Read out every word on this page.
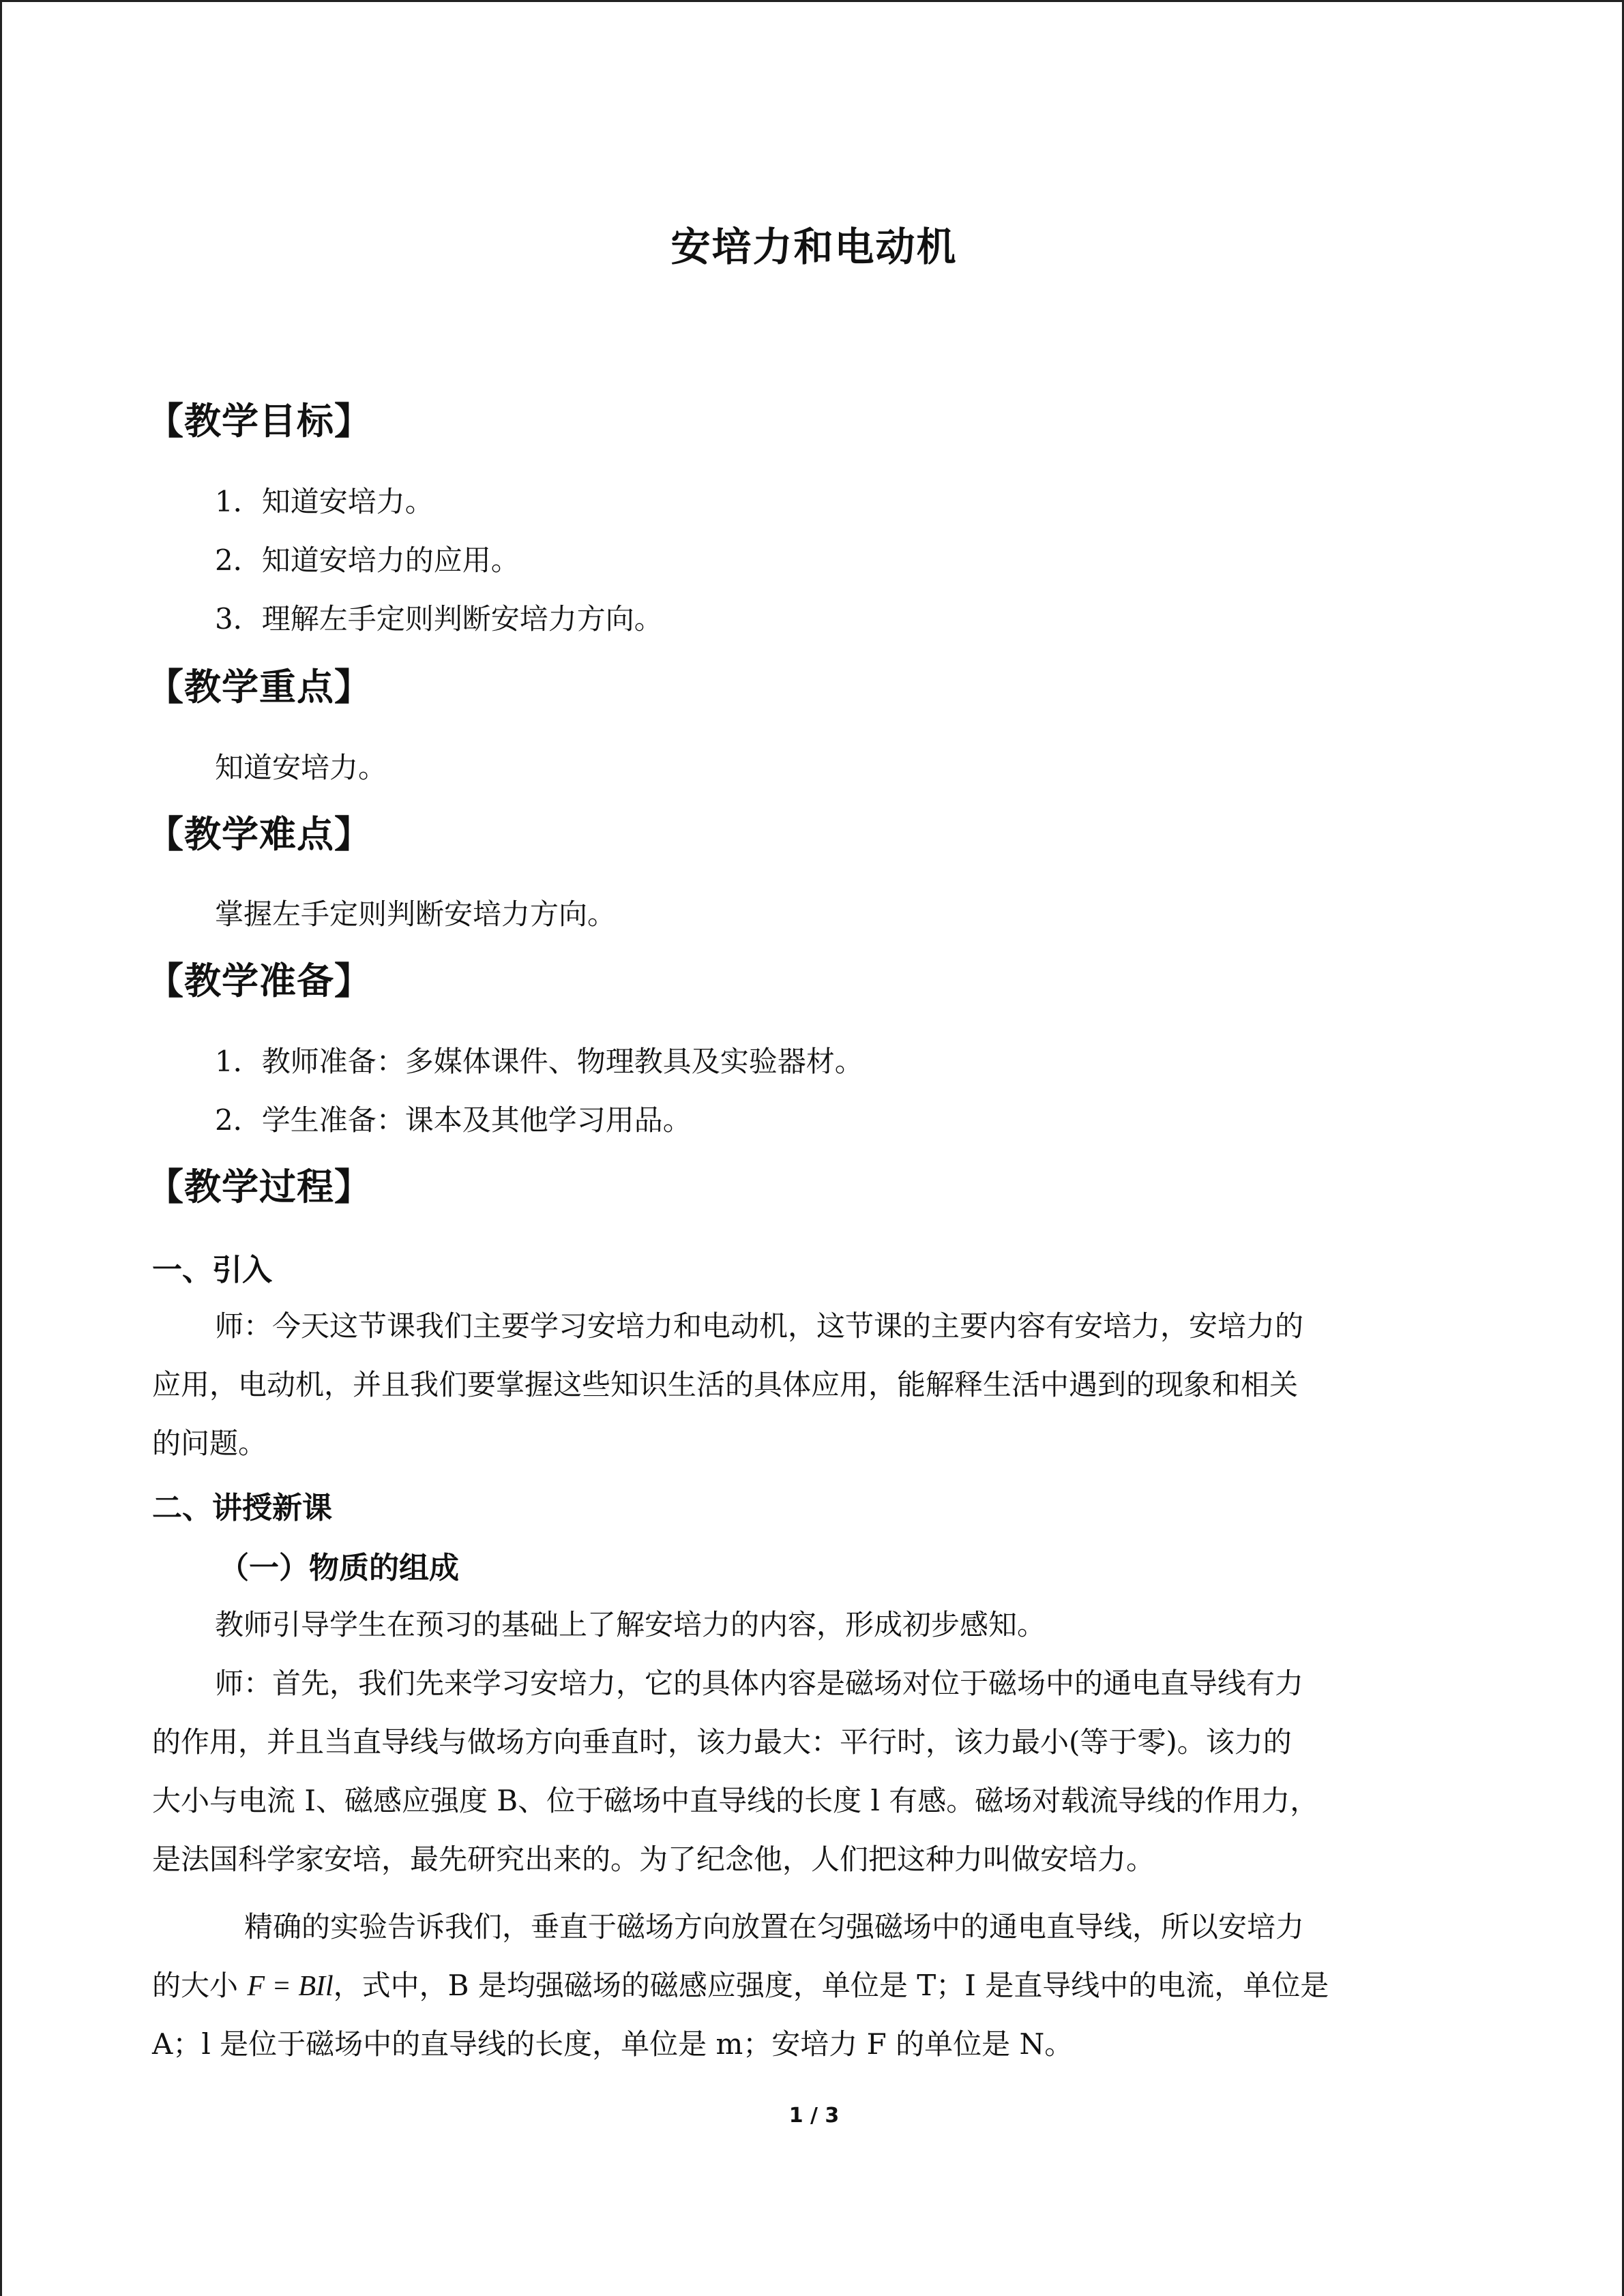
安培力和电动机
【教学目标】
1．知道安培力。
2．知道安培力的应用。
3．理解左手定则判断安培力方向。
【教学重点】
知道安培力。
【教学难点】
掌握左手定则判断安培力方向。
【教学准备】
1．教师准备：多媒体课件、物理教具及实验器材。
2．学生准备：课本及其他学习用品。
【教学过程】
一、引入
师：今天这节课我们主要学习安培力和电动机，这节课的主要内容有安培力，安培力的
应用，电动机，并且我们要掌握这些知识生活的具体应用，能解释生活中遇到的现象和相关
的问题。
二、讲授新课
（一）物质的组成
教师引导学生在预习的基础上了解安培力的内容，形成初步感知。
师：首先，我们先来学习安培力，它的具体内容是磁场对位于磁场中的通电直导线有力
的作用，并且当直导线与做场方向垂直时，该力最大：平行时，该力最小(等于零)。该力的
大小与电流 I、磁感应强度 B、位于磁场中直导线的长度 l 有感。磁场对载流导线的作用力，
是法国科学家安培，最先研究出来的。为了纪念他，人们把这种力叫做安培力。
精确的实验告诉我们，垂直于磁场方向放置在匀强磁场中的通电直导线，所以安培力
的大小 F = BIl，式中，B 是均强磁场的磁感应强度，单位是 T；I 是直导线中的电流，单位是
A；l 是位于磁场中的直导线的长度，单位是 m；安培力 F 的单位是 N。
1 / 3
